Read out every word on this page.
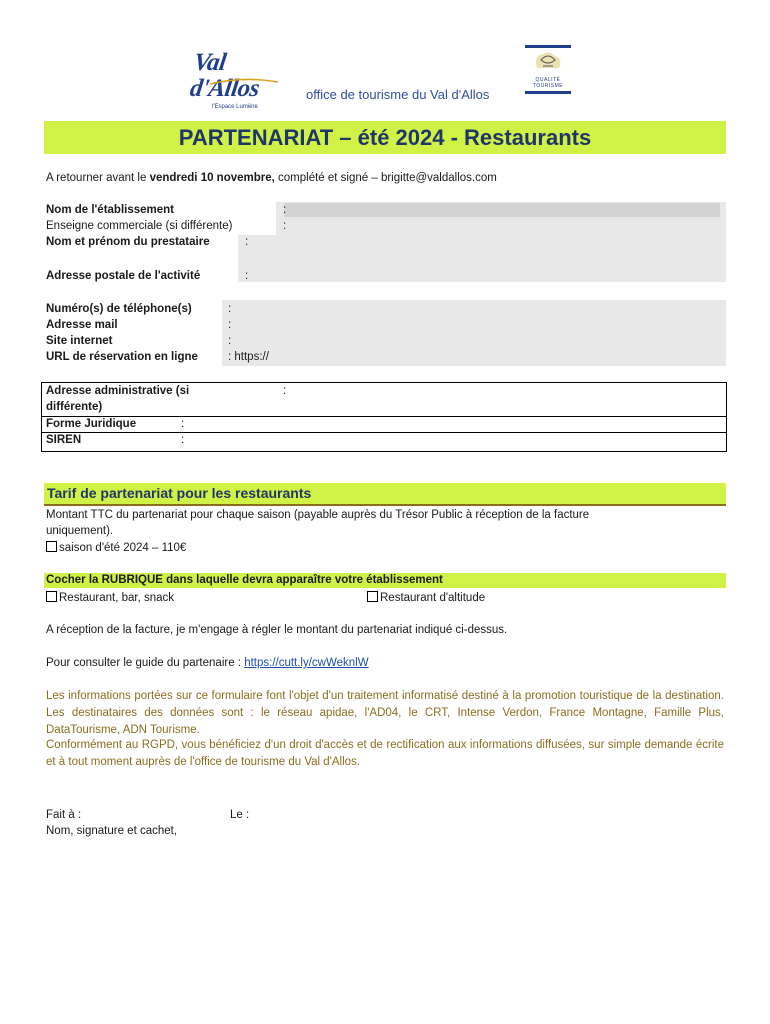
Val d'Allos
l'Espace Lumière
office de tourisme du Val d'Allos
QUALITÉ
TOURISME
PARTENARIAT – été 2024 - Restaurants
A retourner avant le vendredi 10 novembre, complété et signé – brigitte@valdallos.com
Nom de l'établissement	:
Enseigne commerciale (si différente)	:
Nom et prénom du prestataire	:
Adresse postale de l'activité	:
Numéro(s) de téléphone(s)	:
Adresse mail	:
Site internet	:
URL de réservation en ligne	: https://
Adresse administrative (si
différente)
:
Forme Juridique	:
SIREN	:
Tarif de partenariat pour les restaurants
Montant TTC du partenariat pour chaque saison (payable auprès du Trésor Public à réception de la facture
uniquement).
saison d'été 2024 – 110€
Cocher la RUBRIQUE dans laquelle devra apparaître votre établissement
Restaurant, bar, snack	Restaurant d'altitude
A réception de la facture, je m'engage à régler le montant du partenariat indiqué ci-dessus.
Pour consulter le guide du partenaire : https://cutt.ly/cwWeknlW
Les informations portées sur ce formulaire font l'objet d'un traitement informatisé destiné à la promotion touristique de la destination. Les destinataires des données sont : le réseau apidae, l'AD04, le CRT, Intense Verdon, France Montagne, Famille Plus, DataTourisme, ADN Tourisme.
Conformément au RGPD, vous bénéficiez d'un droit d'accès et de rectification aux informations diffusées, sur simple demande écrite et à tout moment auprès de l'office de tourisme du Val d'Allos.
Fait à :	Le :
Nom, signature et cachet,
